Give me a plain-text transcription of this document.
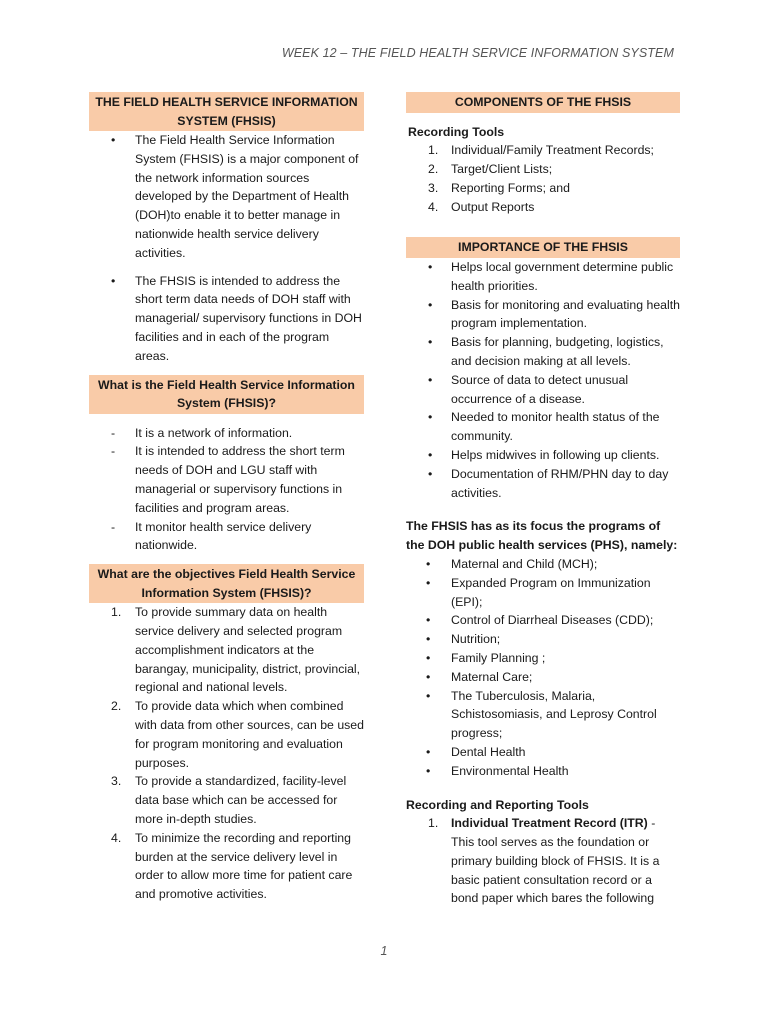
WEEK 12 – THE FIELD HEALTH SERVICE INFORMATION SYSTEM
THE FIELD HEALTH SERVICE INFORMATION SYSTEM (FHSIS)
• The Field Health Service Information System (FHSIS) is a major component of the network information sources developed by the Department of Health (DOH)to enable it to better manage in nationwide health service delivery activities.
• The FHSIS is intended to address the short term data needs of DOH staff with managerial/ supervisory functions in DOH facilities and in each of the program areas.
What is the Field Health Service Information System (FHSIS)?
- It is a network of information.
- It is intended to address the short term needs of DOH and LGU staff with managerial or supervisory functions in facilities and program areas.
- It monitor health service delivery nationwide.
What are the objectives Field Health Service Information System (FHSIS)?
1. To provide summary data on health service delivery and selected program accomplishment indicators at the barangay, municipality, district, provincial, regional and national levels.
2. To provide data which when combined with data from other sources, can be used for program monitoring and evaluation purposes.
3. To provide a standardized, facility-level data base which can be accessed for more in-depth studies.
4. To minimize the recording and reporting burden at the service delivery level in order to allow more time for patient care and promotive activities.
COMPONENTS OF THE FHSIS
Recording Tools
1. Individual/Family Treatment Records;
2. Target/Client Lists;
3. Reporting Forms; and
4. Output Reports
IMPORTANCE OF THE FHSIS
• Helps local government determine public health priorities.
• Basis for monitoring and evaluating health program implementation.
• Basis for planning, budgeting, logistics, and decision making at all levels.
• Source of data to detect unusual occurrence of a disease.
• Needed to monitor health status of the community.
• Helps midwives in following up clients.
• Documentation of RHM/PHN day to day activities.
The FHSIS has as its focus the programs of the DOH public health services (PHS), namely:
• Maternal and Child (MCH);
• Expanded Program on Immunization (EPI);
• Control of Diarrheal Diseases (CDD);
• Nutrition;
• Family Planning ;
• Maternal Care;
• The Tuberculosis, Malaria, Schistosomiasis, and Leprosy Control progress;
• Dental Health
• Environmental Health
Recording and Reporting Tools
1. Individual Treatment Record (ITR) - This tool serves as the foundation or primary building block of FHSIS. It is a basic patient consultation record or a bond paper which bares the following
1
